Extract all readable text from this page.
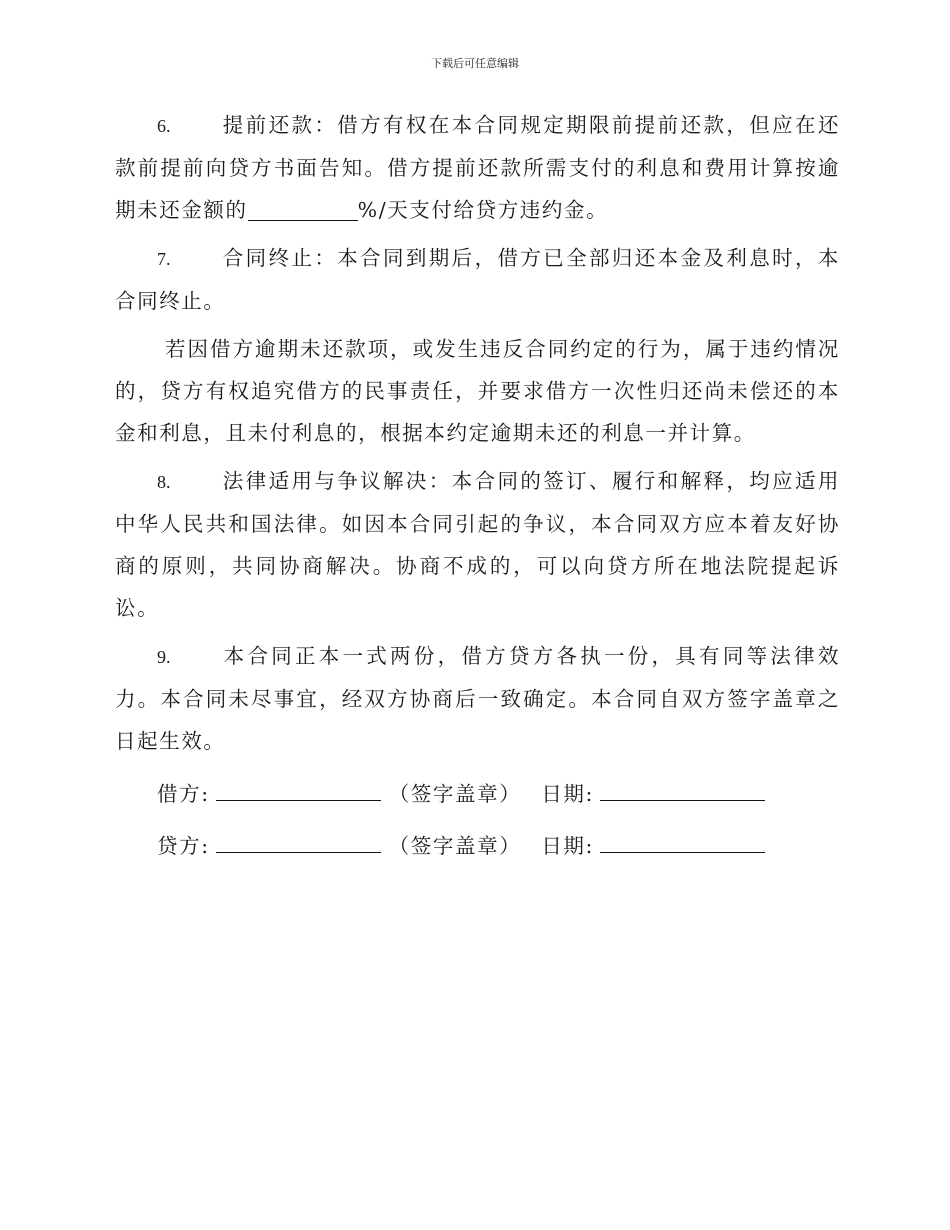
下载后可任意编辑

6.	提前还款：借方有权在本合同规定期限前提前还款，但应在还款前提前向贷方书面告知。借方提前还款所需支付的利息和费用计算按逾期未还金额的	%/天支付给贷方违约金。

7.	合同终止：本合同到期后，借方已全部归还本金及利息时，本合同终止。

若因借方逾期未还款项，或发生违反合同约定的行为，属于违约情况的，贷方有权追究借方的民事责任，并要求借方一次性归还尚未偿还的本金和利息，且未付利息的，根据本约定逾期未还的利息一并计算。

8.	法律适用与争议解决：本合同的签订、履行和解释，均应适用中华人民共和国法律。如因本合同引起的争议，本合同双方应本着友好协商的原则，共同协商解决。协商不成的，可以向贷方所在地法院提起诉讼。

9.	本合同正本一式两份，借方贷方各执一份，具有同等法律效力。本合同未尽事宜，经双方协商后一致确定。本合同自双方签字盖章之日起生效。

借方:	（签字盖章） 日期:
贷方:	（签字盖章） 日期:
